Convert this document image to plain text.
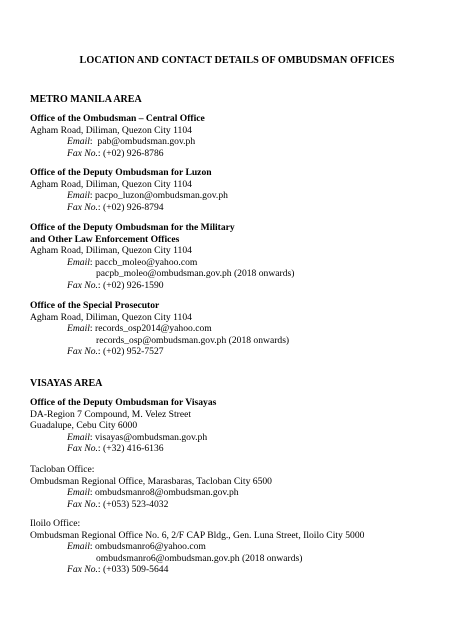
LOCATION AND CONTACT DETAILS OF OMBUDSMAN OFFICES
METRO MANILA AREA
Office of the Ombudsman – Central Office
Agham Road, Diliman, Quezon City 1104
Email:  pab@ombudsman.gov.ph
Fax No.: (+02) 926-8786
Office of the Deputy Ombudsman for Luzon
Agham Road, Diliman, Quezon City 1104
Email: pacpo_luzon@ombudsman.gov.ph
Fax No.: (+02) 926-8794
Office of the Deputy Ombudsman for the Military
and Other Law Enforcement Offices
Agham Road, Diliman, Quezon City 1104
Email: paccb_moleo@yahoo.com
pacpb_moleo@ombudsman.gov.ph (2018 onwards)
Fax No.: (+02) 926-1590
Office of the Special Prosecutor
Agham Road, Diliman, Quezon City 1104
Email: records_osp2014@yahoo.com
records_osp@ombudsman.gov.ph (2018 onwards)
Fax No.: (+02) 952-7527
VISAYAS AREA
Office of the Deputy Ombudsman for Visayas
DA-Region 7 Compound, M. Velez Street
Guadalupe, Cebu City 6000
Email: visayas@ombudsman.gov.ph
Fax No.: (+32) 416-6136
Tacloban Office:
Ombudsman Regional Office, Marasbaras, Tacloban City 6500
Email: ombudsmanro8@ombudsman.gov.ph
Fax No.: (+053) 523-4032
Iloilo Office:
Ombudsman Regional Office No. 6, 2/F CAP Bldg., Gen. Luna Street, Iloilo City 5000
Email: ombudsmanro6@yahoo.com
ombudsmanro6@ombudsman.gov.ph (2018 onwards)
Fax No.: (+033) 509-5644
